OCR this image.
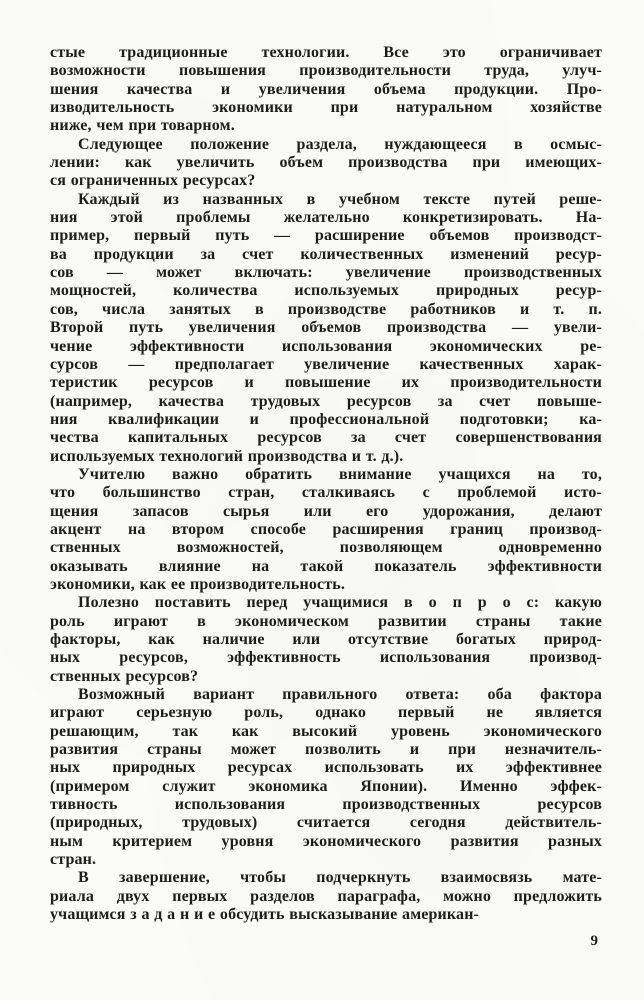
стые традиционные технологии. Все это ограничивает
возможности повышения производительности труда, улуч-
шения качества и увеличения объема продукции. Про-
изводительность экономики при натуральном хозяйстве
ниже, чем при товарном.
Следующее положение раздела, нуждающееся в осмыс-
лении: как увеличить объем производства при имеющих-
ся ограниченных ресурсах?
Каждый из названных в учебном тексте путей реше-
ния этой проблемы желательно конкретизировать. На-
пример, первый путь — расширение объемов производст-
ва продукции за счет количественных изменений ресур-
сов — может включать: увеличение производственных
мощностей, количества используемых природных ресур-
сов, числа занятых в производстве работников и т. п.
Второй путь увеличения объемов производства — увели-
чение эффективности использования экономических ре-
сурсов — предполагает увеличение качественных харак-
теристик ресурсов и повышение их производительности
(например, качества трудовых ресурсов за счет повыше-
ния квалификации и профессиональной подготовки; ка-
чества капитальных ресурсов за счет совершенствования
используемых технологий производства и т. д.).
Учителю важно обратить внимание учащихся на то,
что большинство стран, сталкиваясь с проблемой исто-
щения запасов сырья или его удорожания, делают
акцент на втором способе расширения границ производ-
ственных возможностей, позволяющем одновременно
оказывать влияние на такой показатель эффективности
экономики, как ее производительность.
Полезно поставить перед учащимися в о п р о с: какую
роль играют в экономическом развитии страны такие
факторы, как наличие или отсутствие богатых природ-
ных ресурсов, эффективность использования производ-
ственных ресурсов?
Возможный вариант правильного ответа: оба фактора
играют серьезную роль, однако первый не является
решающим, так как высокий уровень экономического
развития страны может позволить и при незначитель-
ных природных ресурсах использовать их эффективнее
(примером служит экономика Японии). Именно эффек-
тивность использования производственных ресурсов
(природных, трудовых) считается сегодня действитель-
ным критерием уровня экономического развития разных
стран.
В завершение, чтобы подчеркнуть взаимосвязь мате-
риала двух первых разделов параграфа, можно предложить
учащимся з а д а н и е обсудить высказывание американ-
9
